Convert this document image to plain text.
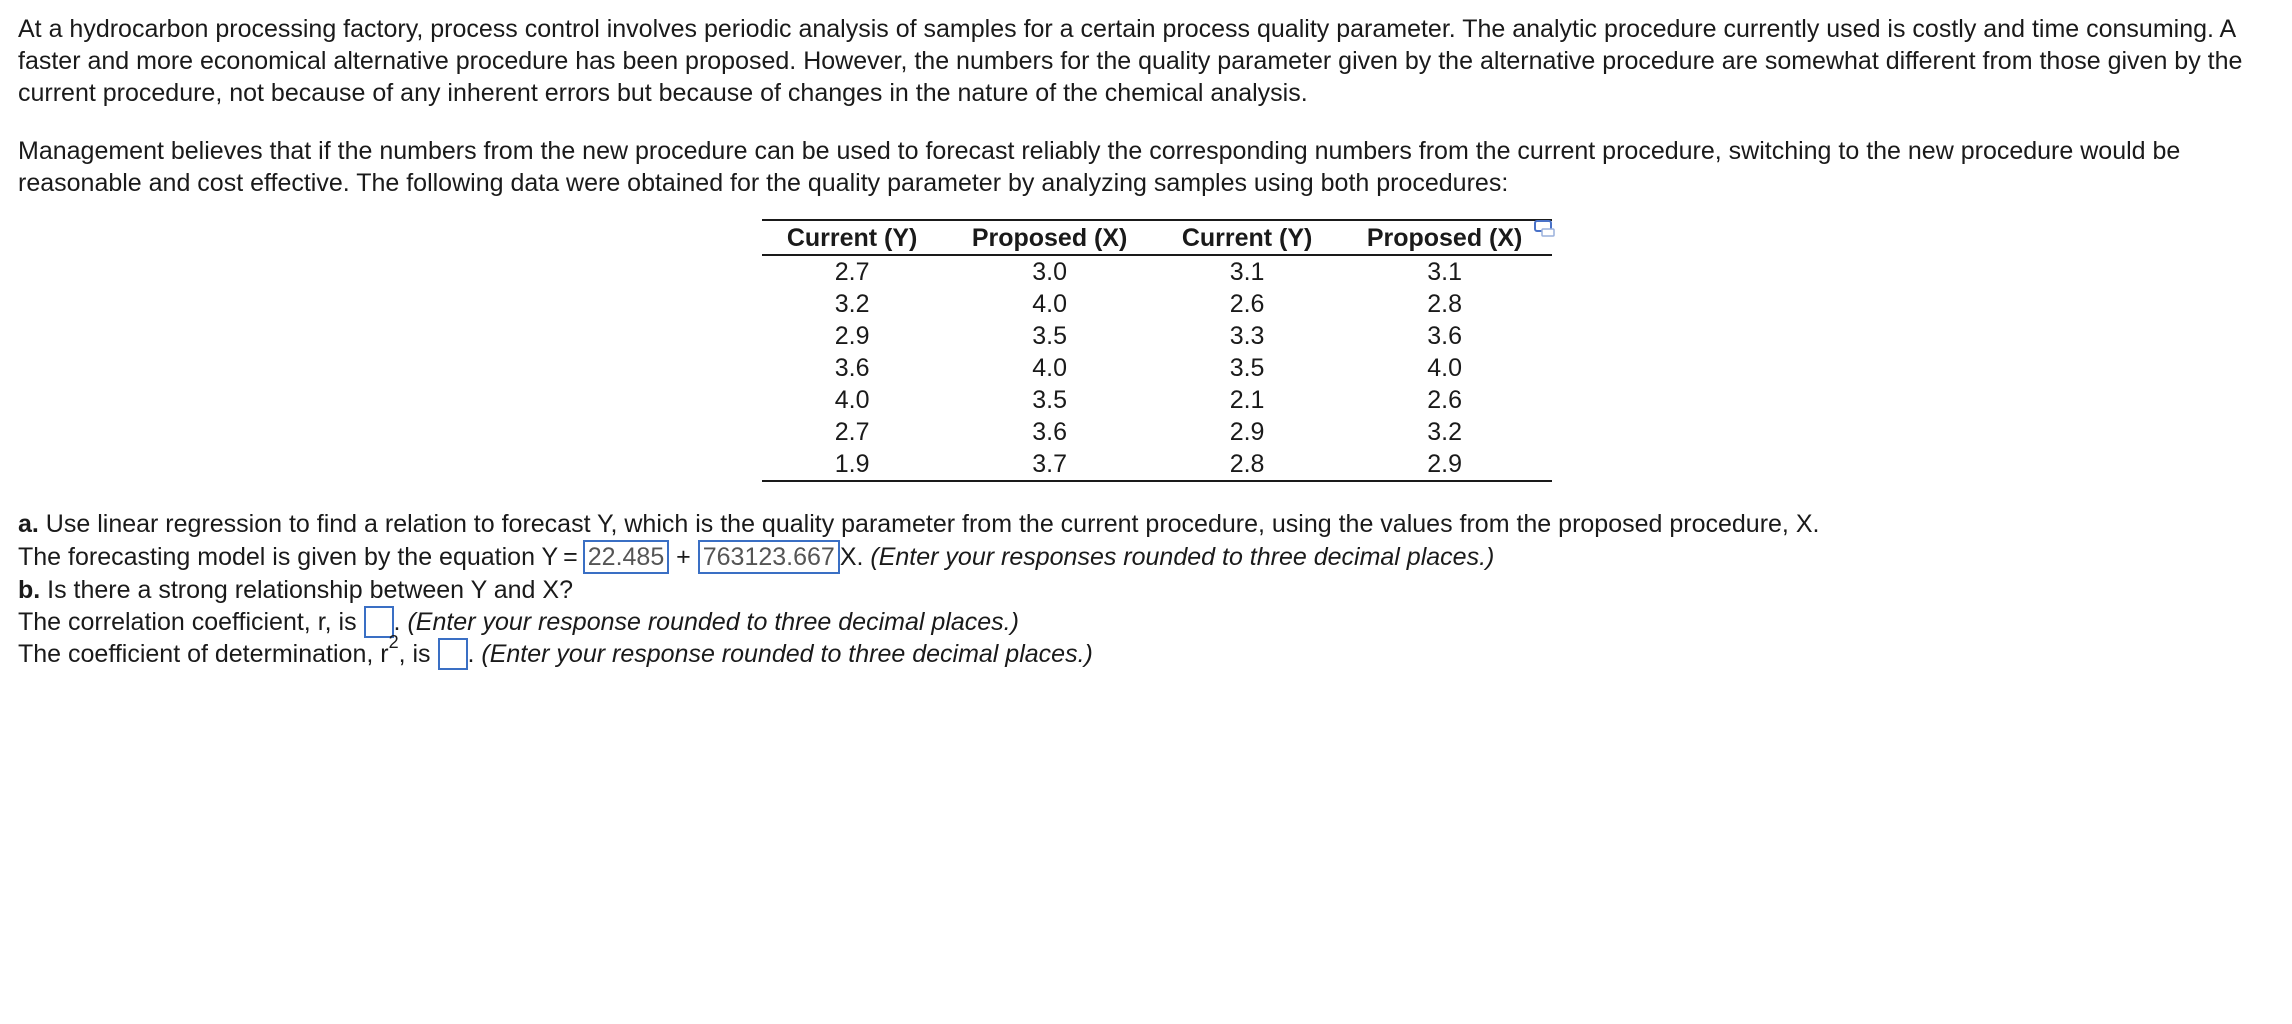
At a hydrocarbon processing factory, process control involves periodic analysis of samples for a certain process quality parameter. The analytic procedure currently used is costly and time consuming. A faster and more economical alternative procedure has been proposed. However, the numbers for the quality parameter given by the alternative procedure are somewhat different from those given by the current procedure, not because of any inherent errors but because of changes in the nature of the chemical analysis.

Management believes that if the numbers from the new procedure can be used to forecast reliably the corresponding numbers from the current procedure, switching to the new procedure would be reasonable and cost effective. The following data were obtained for the quality parameter by analyzing samples using both procedures:

Current (Y)	Proposed (X)	Current (Y)	Proposed (X)
2.7	3.0	3.1	3.1
3.2	4.0	2.6	2.8
2.9	3.5	3.3	3.6
3.6	4.0	3.5	4.0
4.0	3.5	2.1	2.6
2.7	3.6	2.9	3.2
1.9	3.7	2.8	2.9

a. Use linear regression to find a relation to forecast Y, which is the quality parameter from the current procedure, using the values from the proposed procedure, X.

The forecasting model is given by the equation Y = 22.485 + 763123.667 X. (Enter your responses rounded to three decimal places.)

b. Is there a strong relationship between Y and X?

The correlation coefficient, r, is . (Enter your response rounded to three decimal places.)

The coefficient of determination, $r^2$, is . (Enter your response rounded to three decimal places.)
